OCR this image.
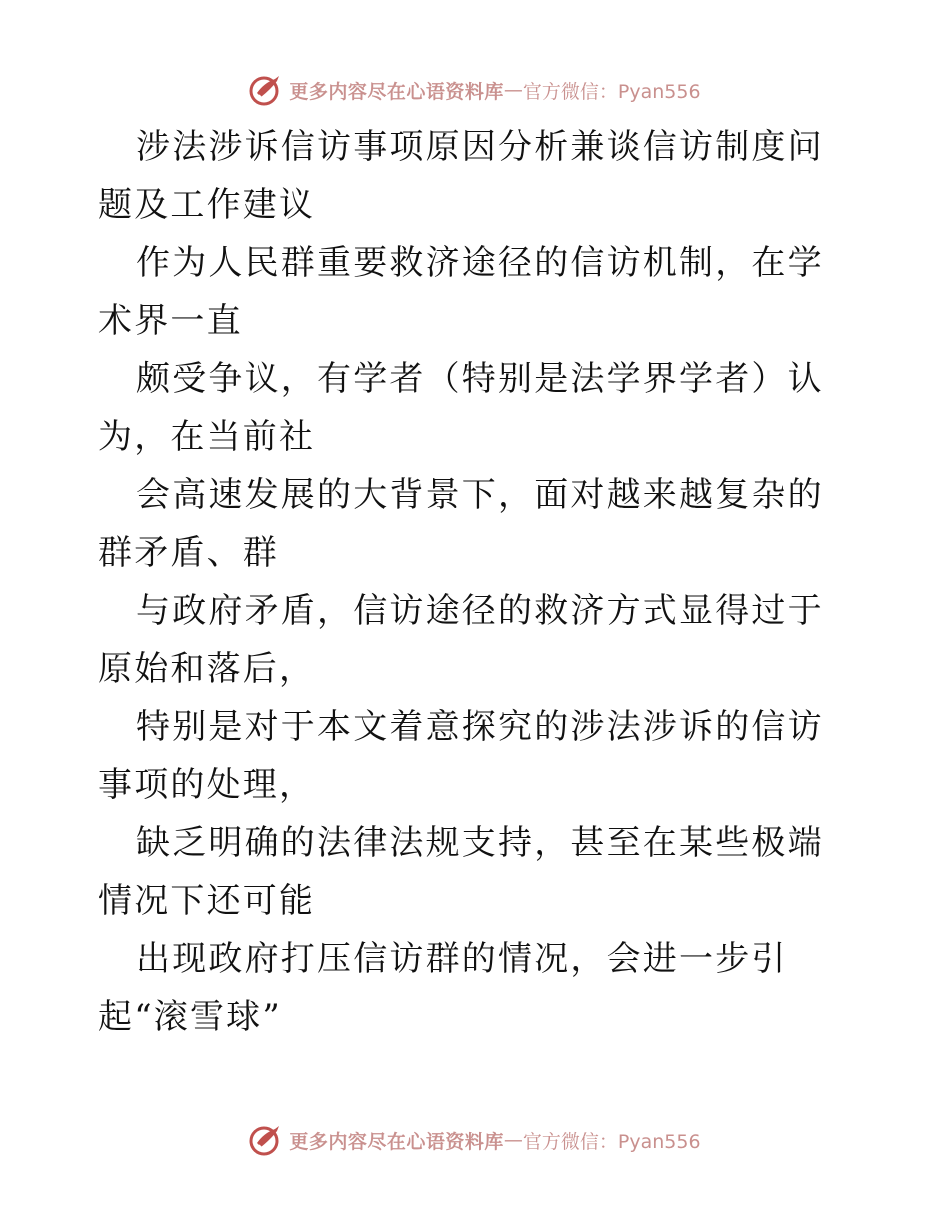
更多内容尽在心语资料库 — 官方微信：Pyan556

涉法涉诉信访事项原因分析兼谈信访制度问题及工作建议

作为人民群重要救济途径的信访机制，在学术界一直

颇受争议，有学者（特别是法学界学者）认为，在当前社

会高速发展的大背景下，面对越来越复杂的群矛盾、群

与政府矛盾，信访途径的救济方式显得过于原始和落后，

特别是对于本文着意探究的涉法涉诉的信访事项的处理，

缺乏明确的法律法规支持，甚至在某些极端情况下还可能

出现政府打压信访群的情况，会进一步引起“滚雪球”

更多内容尽在心语资料库 — 官方微信：Pyan556
